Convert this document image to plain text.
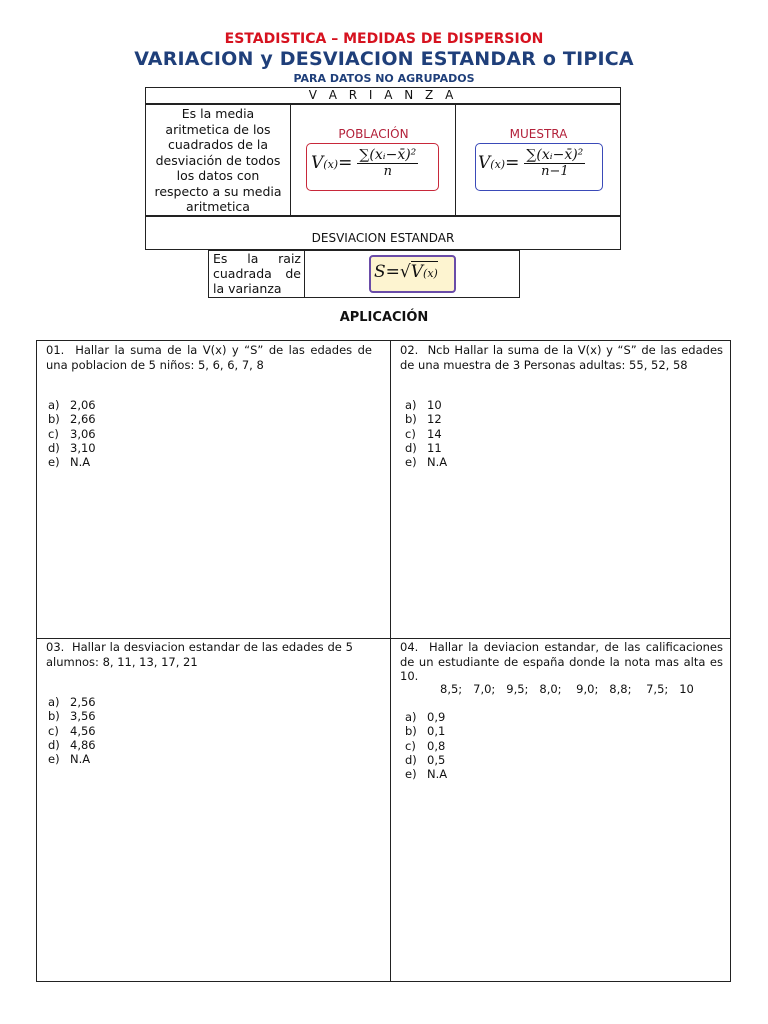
ESTADISTICA – MEDIDAS DE DISPERSION
VARIACION y DESVIACION ESTANDAR o TIPICA
PARA DATOS NO AGRUPADOS
V A R I A N Z A
Es la media aritmetica de los cuadrados de la desviación de todos los datos con respecto a su media aritmetica
POBLACIÓN	MUESTRA
$V(x)= \frac{\text{∑(xᵢ−x̄)²}}{n}$	$V(x)= \frac{\text{∑(xᵢ−x̄)²}}{n-1}$
DESVIACION ESTANDAR
Es la raiz cuadrada de la varianza
S=√V(x)
APLICACIÓN
01. Hallar la suma de la V(x) y “S” de las edades de una poblacion de 5 niños: 5, 6, 6, 7, 8
a) 2,06
b) 2,66
c) 3,06
d) 3,10
e) N.A
02. Ncb Hallar la suma de la V(x) y “S” de las edades de una muestra de 3 Personas adultas: 55, 52, 58
a) 10
b) 12
c) 14
d) 11
e) N.A
03. Hallar la desviacion estandar de las edades de 5 alumnos: 8, 11, 13, 17, 21
a) 2,56
b) 3,56
c) 4,56
d) 4,86
e) N.A
04. Hallar la deviacion estandar, de las calificaciones de un estudiante de españa donde la nota mas alta es 10.
8,5;   7,0;   9,5;   8,0;    9,0;   8,8;    7,5;   10
a) 0,9
b) 0,1
c) 0,8
d) 0,5
e) N.A
